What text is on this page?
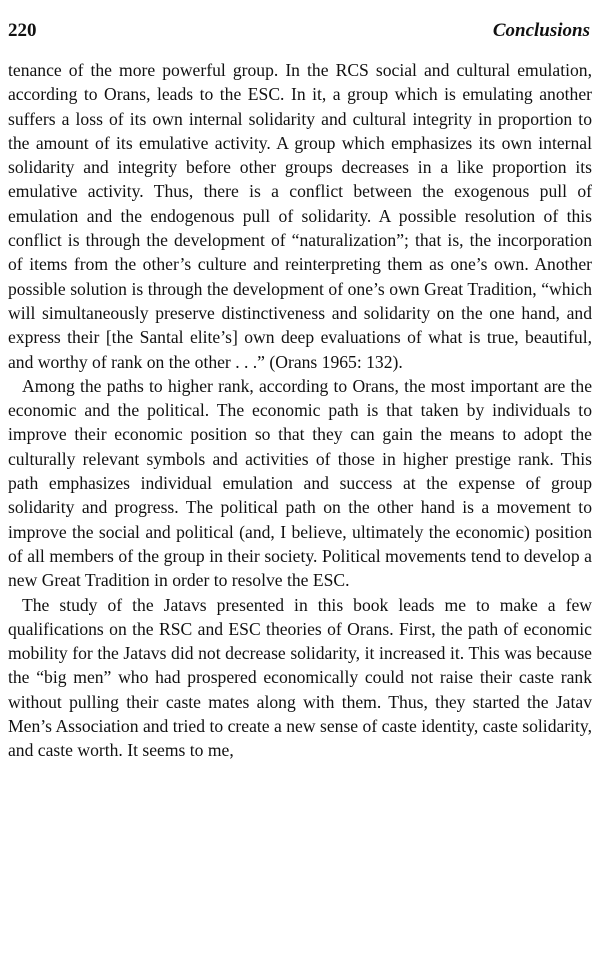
220	Conclusions

tenance of the more powerful group. In the RCS social and cultural emulation, according to Orans, leads to the ESC. In it, a group which is emulating another suffers a loss of its own internal solidarity and cultural integrity in proportion to the amount of its emulative activity. A group which emphasizes its own internal solidarity and integrity before other groups decreases in a like proportion its emulative activity. Thus, there is a conflict between the exogenous pull of emulation and the endogenous pull of solidarity. A possible resolution of this conflict is through the development of “naturalization”; that is, the incorporation of items from the other’s culture and reinterpreting them as one’s own. Another possible solution is through the development of one’s own Great Tradition, “which will simultaneously preserve distinctiveness and solidarity on the one hand, and express their [the Santal elite’s] own deep evaluations of what is true, beautiful, and worthy of rank on the other . . .” (Orans 1965: 132).

Among the paths to higher rank, according to Orans, the most important are the economic and the political. The economic path is that taken by individuals to improve their economic position so that they can gain the means to adopt the culturally relevant symbols and activities of those in higher prestige rank. This path emphasizes individual emulation and success at the expense of group solidarity and progress. The political path on the other hand is a movement to improve the social and political (and, I believe, ultimately the economic) position of all members of the group in their society. Political movements tend to develop a new Great Tradition in order to resolve the ESC.

The study of the Jatavs presented in this book leads me to make a few qualifications on the RSC and ESC theories of Orans. First, the path of economic mobility for the Jatavs did not decrease solidarity, it increased it. This was because the “big men” who had prospered economically could not raise their caste rank without pulling their caste mates along with them. Thus, they started the Jatav Men’s Association and tried to create a new sense of caste identity, caste solidarity, and caste worth. It seems to me,
